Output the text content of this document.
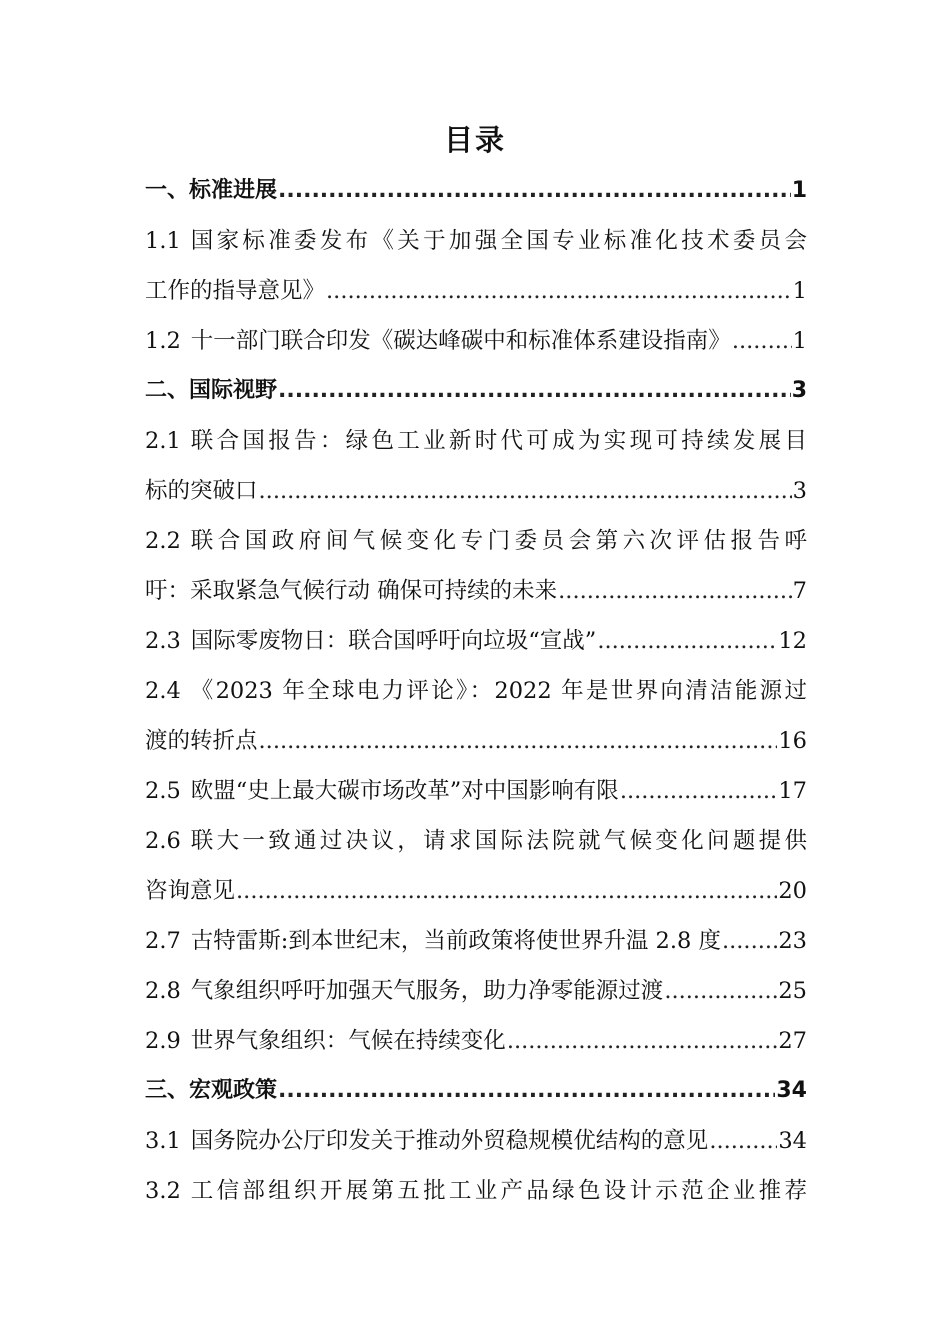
目录
一、标准进展 .....	1
1.1 国家标准委发布《关于加强全国专业标准化技术委员会
工作的指导意见》 .....	1
1.2 十一部门联合印发《碳达峰碳中和标准体系建设指南》 .....	1
二、国际视野 .....	3
2.1 联合国报告：绿色工业新时代可成为实现可持续发展目
标的突破口 .....	3
2.2 联合国政府间气候变化专门委员会第六次评估报告呼
吁：采取紧急气候行动 确保可持续的未来 .....	7
2.3 国际零废物日：联合国呼吁向垃圾“宣战” .....	12
2.4 《2023 年全球电力评论》：2022 年是世界向清洁能源过
渡的转折点 .....	16
2.5 欧盟“史上最大碳市场改革”对中国影响有限 .....	17
2.6 联大一致通过决议，请求国际法院就气候变化问题提供
咨询意见 .....	20
2.7 古特雷斯:到本世纪末，当前政策将使世界升温 2.8 度 .....	23
2.8 气象组织呼吁加强天气服务，助力净零能源过渡 .....	25
2.9 世界气象组织：气候在持续变化 .....	27
三、宏观政策 .....	34
3.1 国务院办公厅印发关于推动外贸稳规模优结构的意见 .....	34
3.2 工信部组织开展第五批工业产品绿色设计示范企业推荐
